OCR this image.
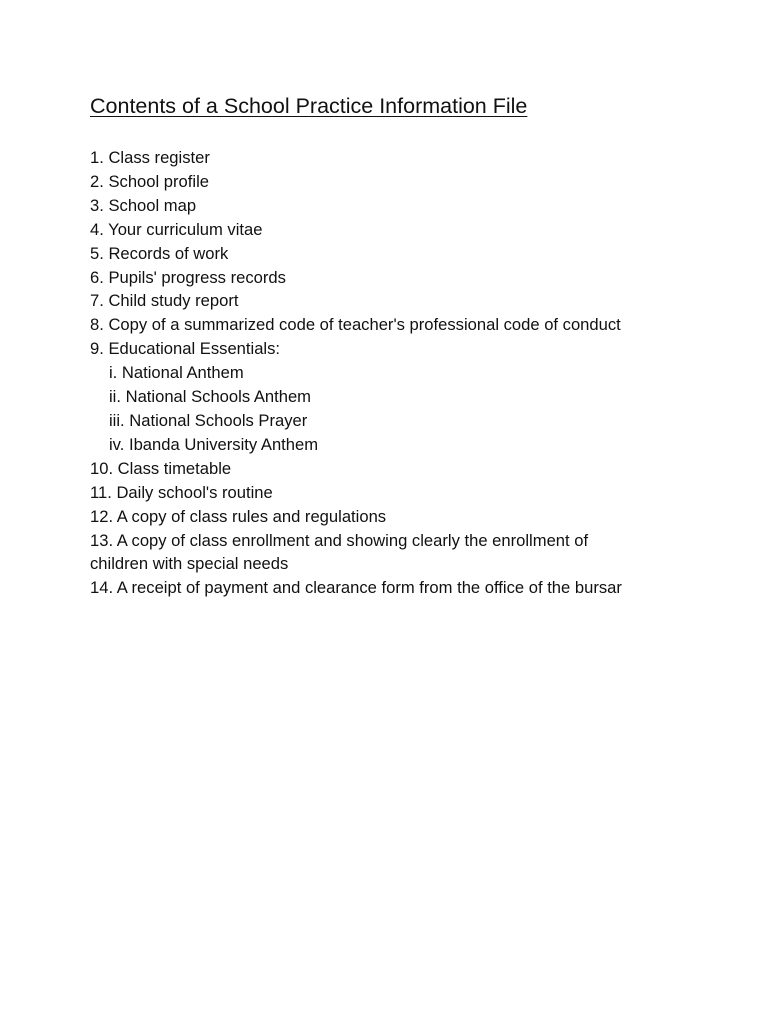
Contents of a School Practice Information File
1. Class register
2. School profile
3. School map
4. Your curriculum vitae
5. Records of work
6. Pupils' progress records
7. Child study report
8. Copy of a summarized code of teacher's professional code of conduct
9. Educational Essentials:
i. National Anthem
ii. National Schools Anthem
iii. National Schools Prayer
iv. Ibanda University Anthem
10. Class timetable
11. Daily school's routine
12. A copy of class rules and regulations
13. A copy of class enrollment and showing clearly the enrollment of children with special needs
14. A receipt of payment and clearance form from the office of the bursar
